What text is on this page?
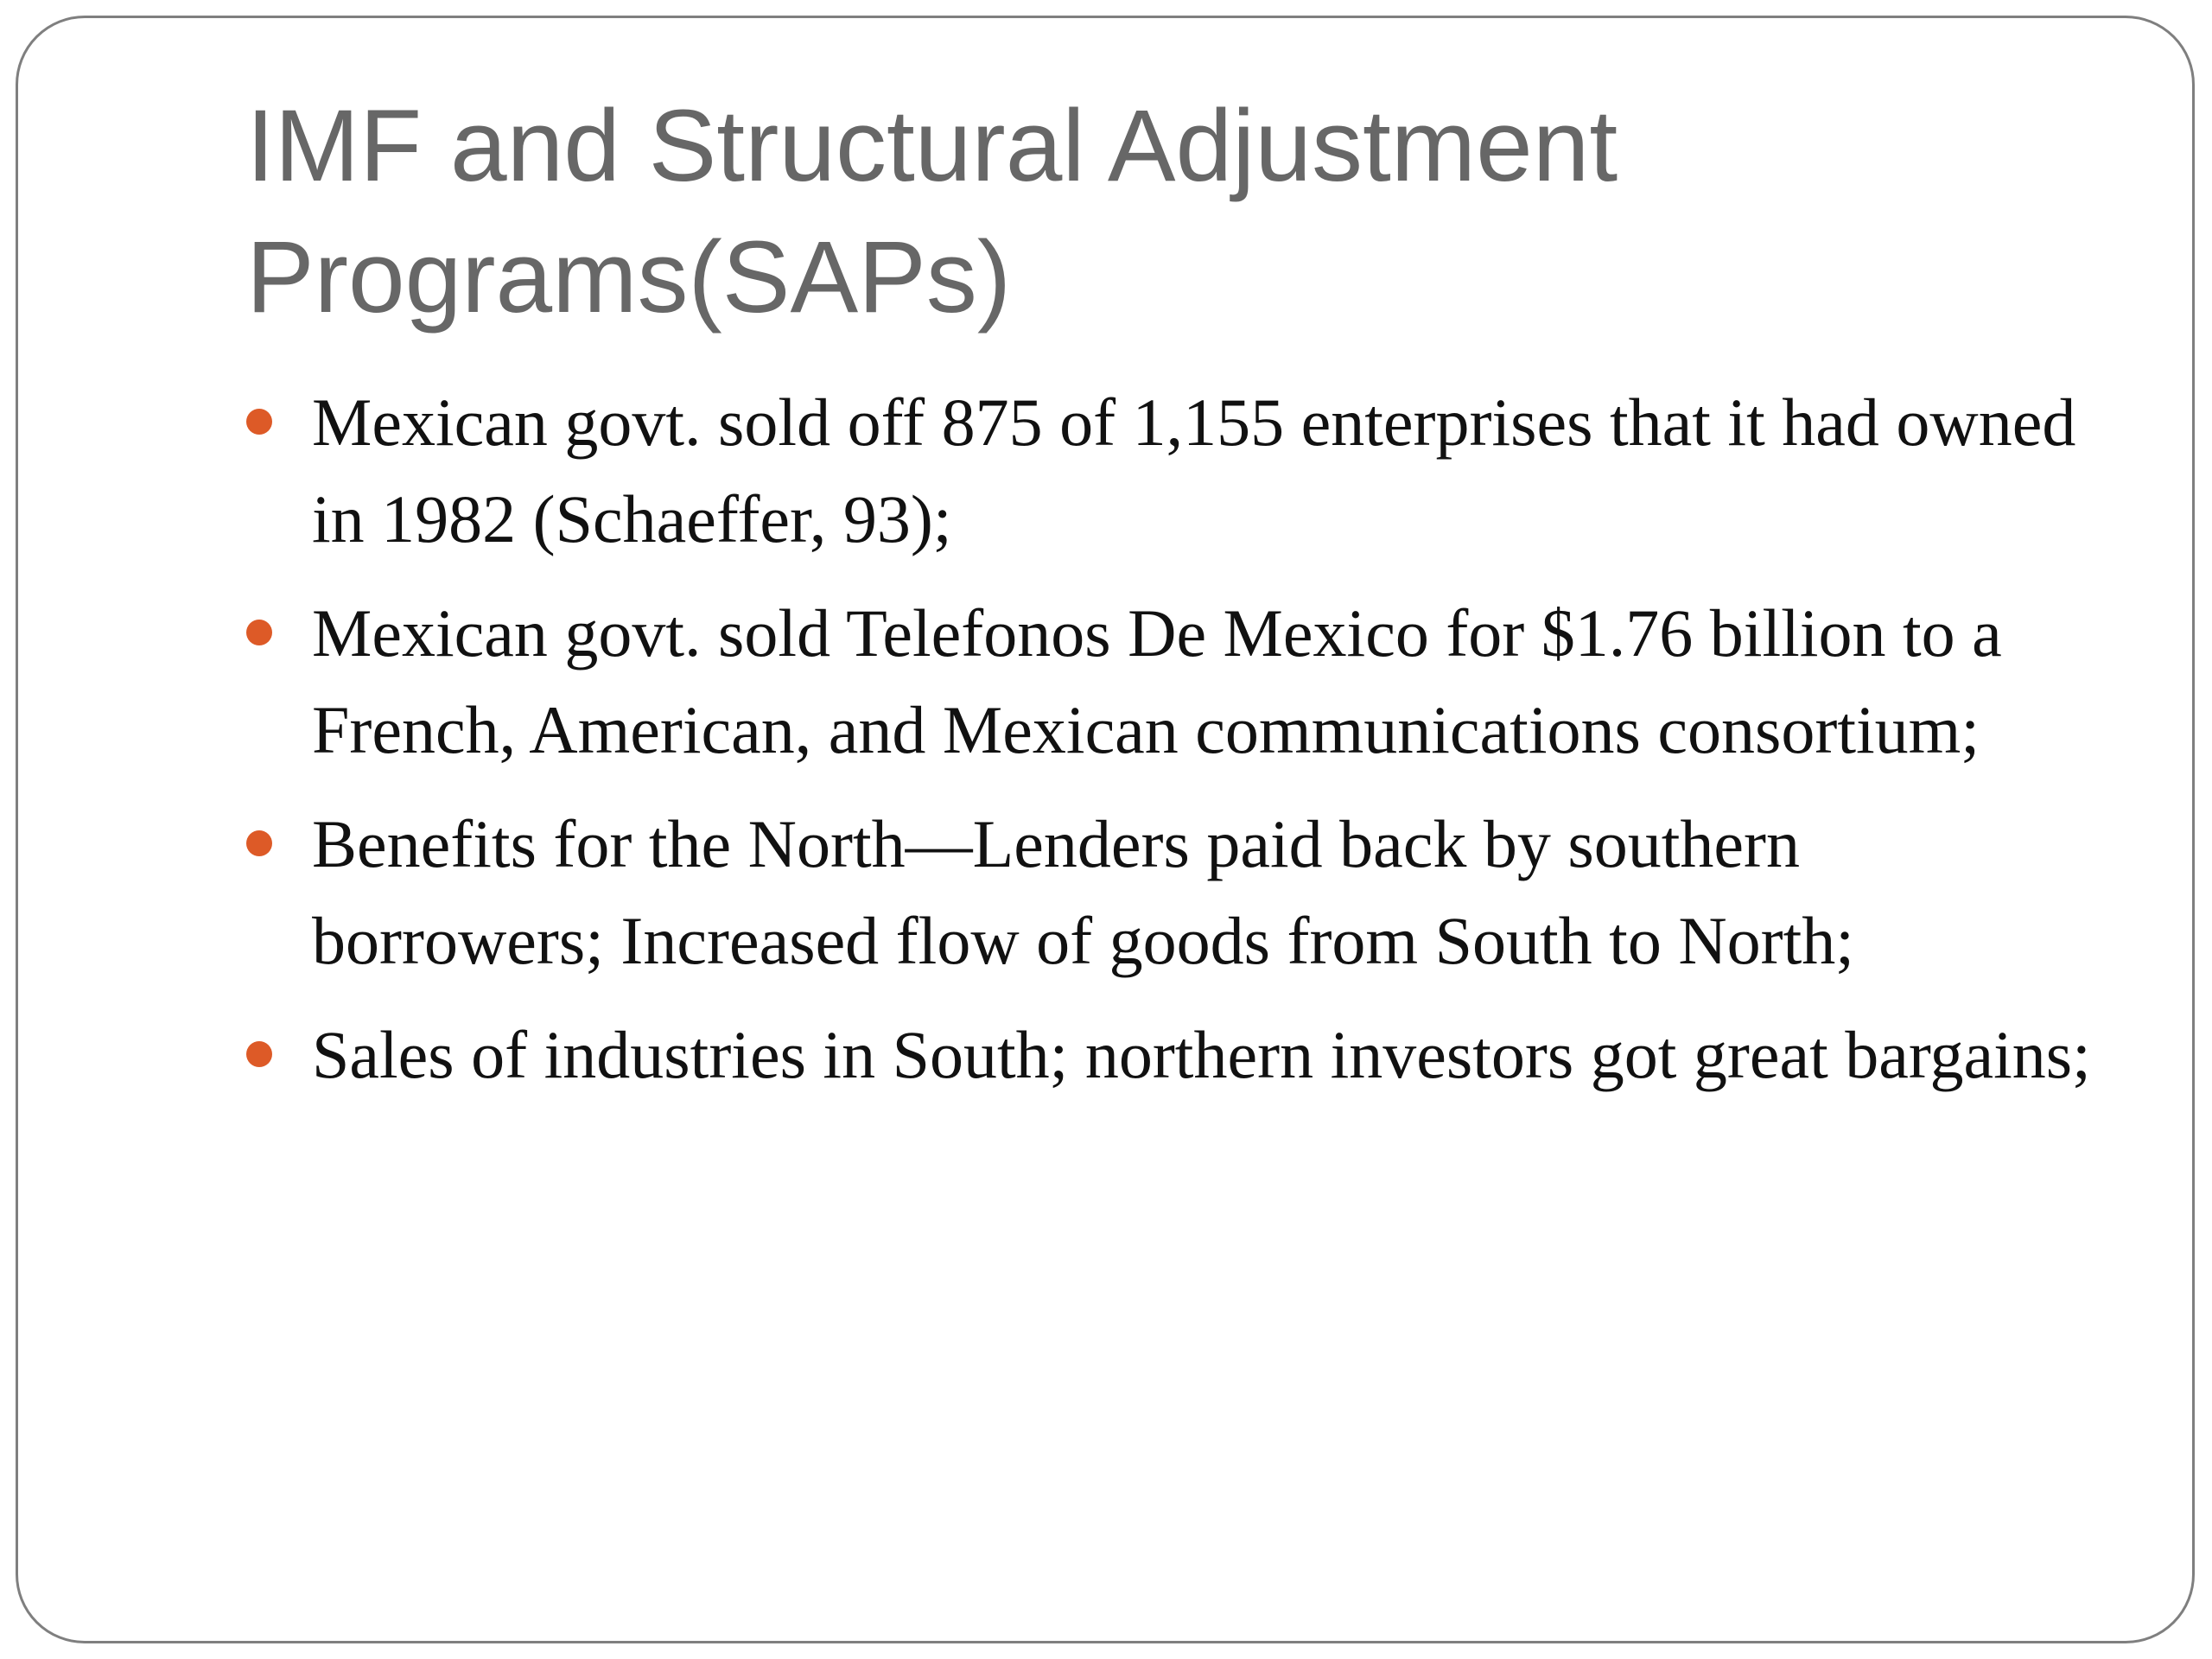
IMF and Structural Adjustment Programs(SAPs)
Mexican govt. sold off 875 of 1,155 enterprises that it had owned in 1982 (Schaeffer, 93);
Mexican govt. sold Telefonos De Mexico for $1.76 billion to a French, American, and Mexican communications consortium;
Benefits for the North—Lenders paid back by southern borrowers; Increased flow of goods from South to North;
Sales of industries in South; northern investors got great bargains;
